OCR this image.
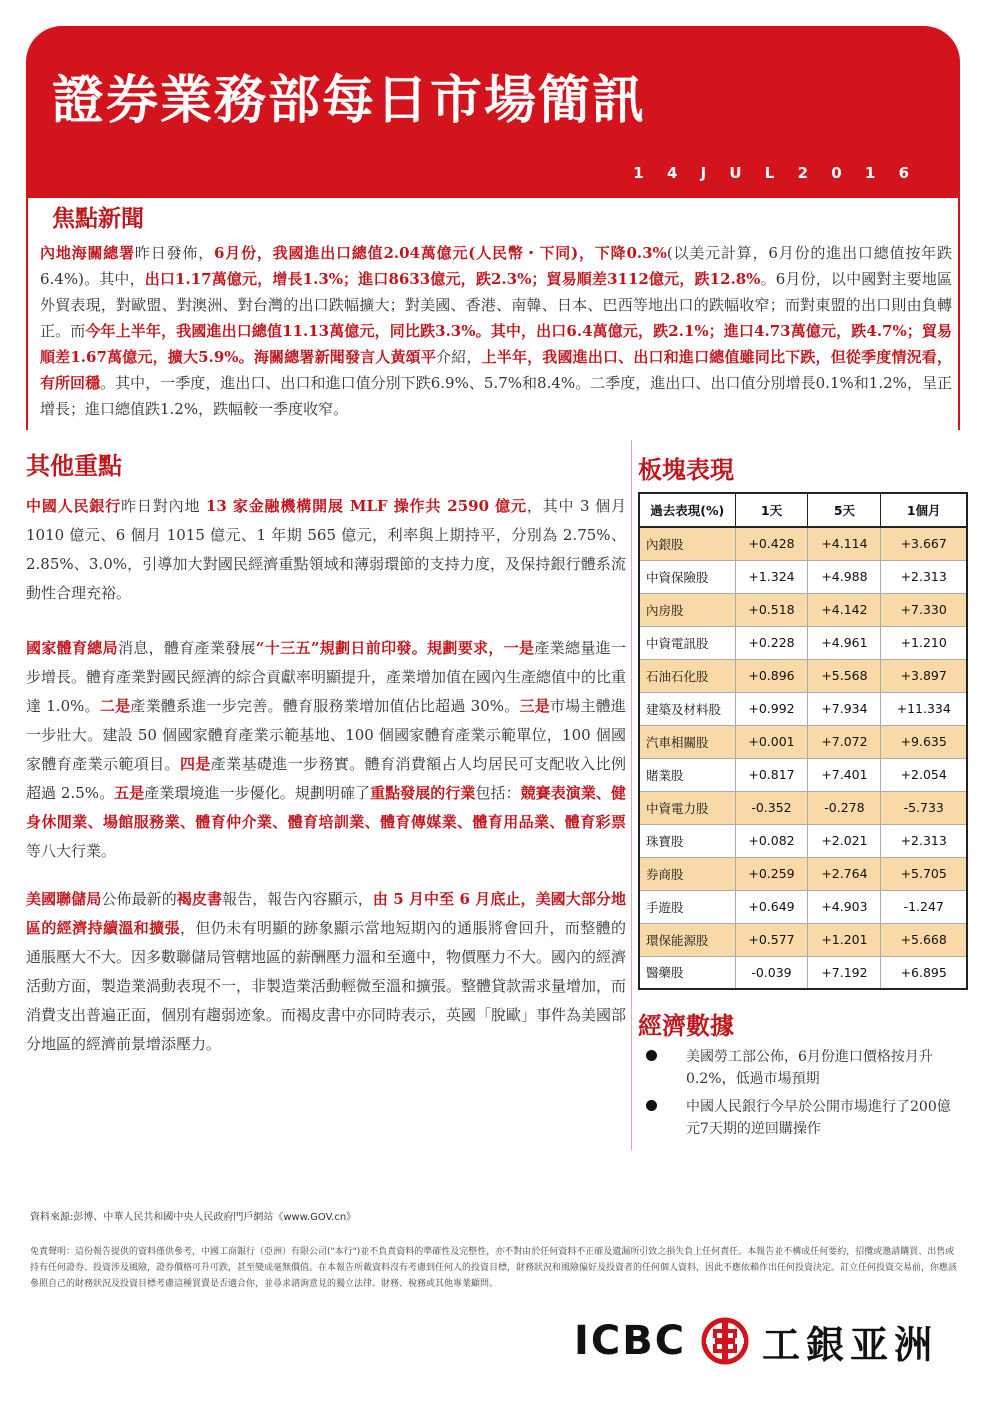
證券業務部每日市場簡訊
1 4 J U L 2 0 1 6
焦點新聞
內地海關總署昨日發佈，6月份，我國進出口總值2.04萬億元(人民幣・下同)，下降0.3%(以美元計算，6月份的進出口總值按年跌6.4%)。其中，出口1.17萬億元，增長1.3%；進口8633億元，跌2.3%；貿易順差3112億元，跌12.8%。6月份，以中國對主要地區外貿表現，對歐盟、對澳洲、對台灣的出口跌幅擴大；對美國、香港、南韓、日本、巴西等地出口的跌幅收窄；而對東盟的出口則由負轉正。而今年上半年，我國進出口總值11.13萬億元，同比跌3.3%。其中，出口6.4萬億元，跌2.1%；進口4.73萬億元，跌4.7%；貿易順差1.67萬億元，擴大5.9%。海關總署新聞發言人黃頌平介紹，上半年，我國進出口、出口和進口總值雖同比下跌，但從季度情況看，有所回穩。其中，一季度，進出口、出口和進口值分別下跌6.9%、5.7%和8.4%。二季度，進出口、出口值分別增長0.1%和1.2%，呈正增長；進口總值跌1.2%，跌幅較一季度收窄。
其他重點
中國人民銀行昨日對內地 13 家金融機構開展 MLF 操作共 2590 億元，其中 3 個月 1010 億元、6 個月 1015 億元、1 年期 565 億元，利率與上期持平，分別為 2.75%、2.85%、3.0%，引導加大對國民經濟重點領域和薄弱環節的支持力度，及保持銀行體系流動性合理充裕。
國家體育總局消息，體育產業發展“十三五”規劃日前印發。規劃要求，一是產業總量進一步增長。體育產業對國民經濟的綜合貢獻率明顯提升，產業增加值在國內生產總值中的比重達 1.0%。二是產業體系進一步完善。體育服務業增加值佔比超過 30%。三是市場主體進一步壯大。建設 50 個國家體育產業示範基地、100 個國家體育產業示範單位，100 個國家體育產業示範項目。四是產業基礎進一步務實。體育消費額占人均居民可支配收入比例超過 2.5%。五是產業環境進一步優化。規劃明確了重點發展的行業包括：競賽表演業、健身休閒業、場館服務業、體育仲介業、體育培訓業、體育傳媒業、體育用品業、體育彩票等八大行業。
美國聯儲局公佈最新的褐皮書報告，報告內容顯示，由 5 月中至 6 月底止，美國大部分地區的經濟持續溫和擴張，但仍未有明顯的跡象顯示當地短期內的通脹將會回升，而整體的通脹壓大不大。因多數聯儲局管轄地區的薪酬壓力溫和至適中，物價壓力不大。國內的經濟活動方面，製造業渦動表現不一，非製造業活動輕微至溫和擴張。整體貸款需求量增加，而消費支出普遍正面，個別有趨弱迹象。而褐皮書中亦同時表示，英國「脫歐」事件為美國部分地區的經濟前景增添壓力。
板塊表現
過去表現(%)	1天	5天	1個月
內銀股	+0.428	+4.114	+3.667
中資保險股	+1.324	+4.988	+2.313
內房股	+0.518	+4.142	+7.330
中資電訊股	+0.228	+4.961	+1.210
石油石化股	+0.896	+5.568	+3.897
建築及材料股	+0.992	+7.934	+11.334
汽車相關股	+0.001	+7.072	+9.635
賭業股	+0.817	+7.401	+2.054
中資電力股	-0.352	-0.278	-5.733
珠寶股	+0.082	+2.021	+2.313
券商股	+0.259	+2.764	+5.705
手遊股	+0.649	+4.903	-1.247
環保能源股	+0.577	+1.201	+5.668
醫藥股	-0.039	+7.192	+6.895
經濟數據
美國勞工部公佈，6月份進口價格按月升0.2%，低過市場預期
中國人民銀行今早於公開市場進行了200億元7天期的逆回購操作
資料來源:彭博、中華人民共和國中央人民政府門戶網站《www.GOV.cn》
免責聲明：這份報告提供的資料僅供參考，中國工商銀行（亞洲）有限公司("本行")並不負責資料的準確性及完整性，亦不對由於任何資料不正確及遺漏所引致之損失負上任何責任。本報告並不構成任何要約，招攬或邀請購買、出售或持有任何證券、投資涉及風險，證券價格可升可跌，甚至變成毫無價值。在本報告所載資料沒有考慮到任何人的投資目標，財務狀況和風險偏好及投資者的任何個人資料，因此不應依賴作出任何投資決定。訂立任何投資交易前，你應該參照自己的財務狀況及投資目標考慮這種買賣是否適合你，並尋求諮詢意見的獨立法律、財務、稅務或其他專業顧問。
ICBC 工銀亚洲
